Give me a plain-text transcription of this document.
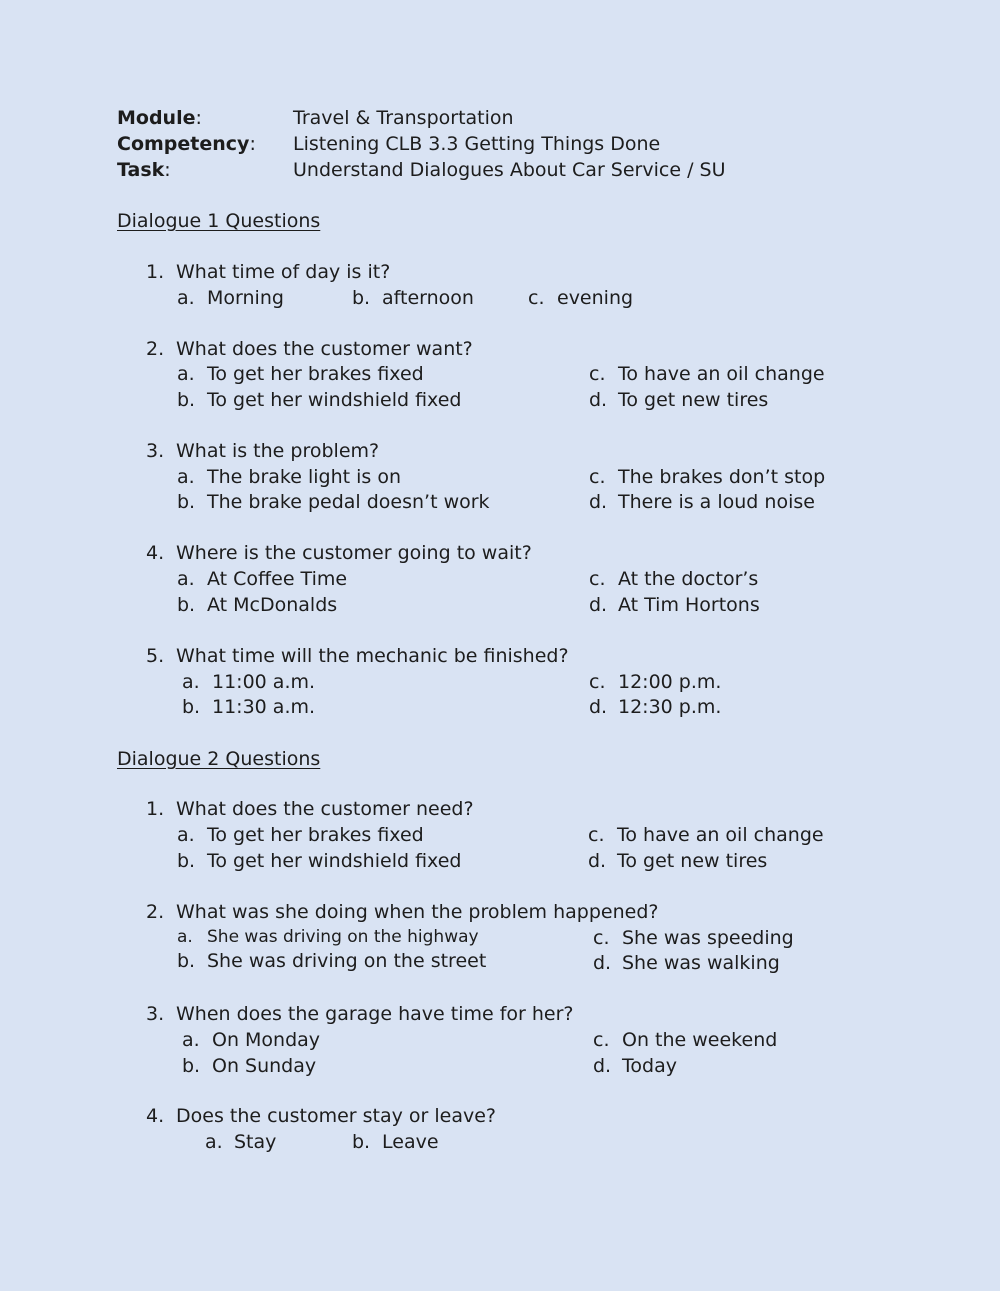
Module:	Travel & Transportation
Competency: Listening CLB 3.3 Getting Things Done
Task:	Understand Dialogues About Car Service / SU
Dialogue 1 Questions
1. What time of day is it?
a. Morning	b. afternoon	c. evening
2. What does the customer want?
a. To get her brakes fixed
b. To get her windshield fixed
c. To have an oil change
d. To get new tires
3. What is the problem?
a. The brake light is on
b. The brake pedal doesn’t work
c. The brakes don’t stop
d. There is a loud noise
4. Where is the customer going to wait?
a. At Coffee Time
b. At McDonalds
c. At the doctor’s
d. At Tim Hortons
5. What time will the mechanic be finished?
a. 11:00 a.m.
b. 11:30 a.m.
c. 12:00 p.m.
d. 12:30 p.m.
Dialogue 2 Questions
1. What does the customer need?
a. To get her brakes fixed
b. To get her windshield fixed
c. To have an oil change
d. To get new tires
2. What was she doing when the problem happened?
a. She was driving on the highway
b. She was driving on the street
c. She was speeding
d. She was walking
3. When does the garage have time for her?
a. On Monday
b. On Sunday
c. On the weekend
d. Today
4. Does the customer stay or leave?
a. Stay	b. Leave
